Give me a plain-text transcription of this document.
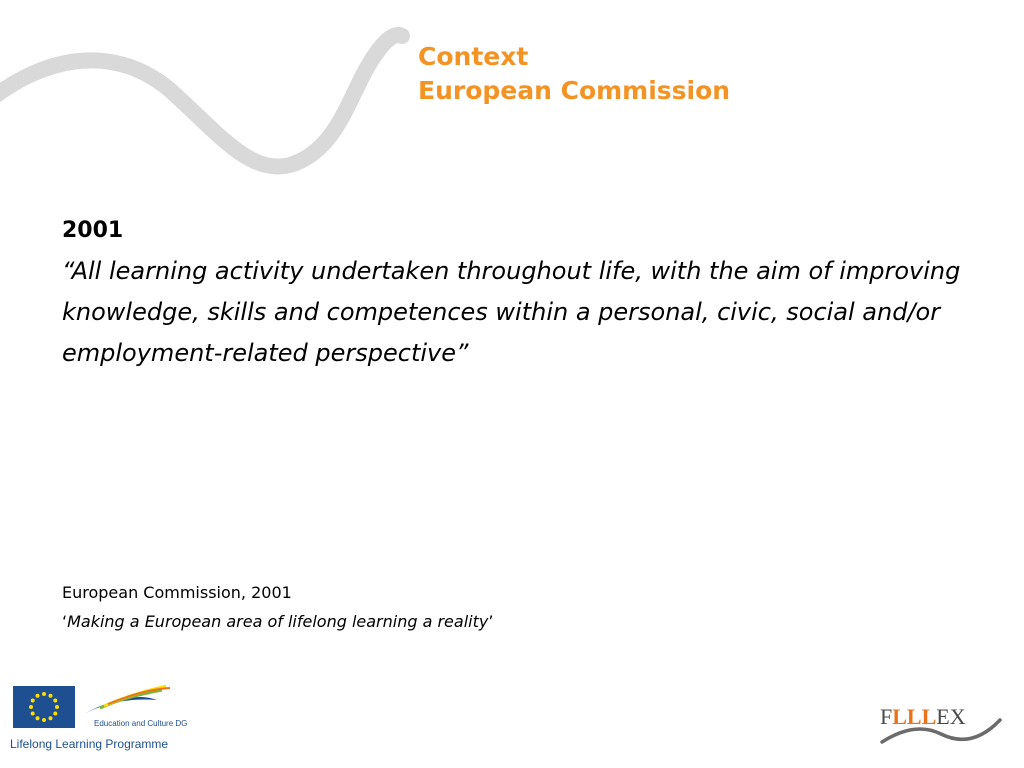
Context
European Commission
2001
“All learning activity undertaken throughout life, with the aim of improving knowledge, skills and competences within a personal, civic, social and/or employment-related perspective”
European Commission, 2001
‘Making a European area of lifelong learning a reality’
Education and Culture DG
Lifelong Learning Programme
FLLLEX
